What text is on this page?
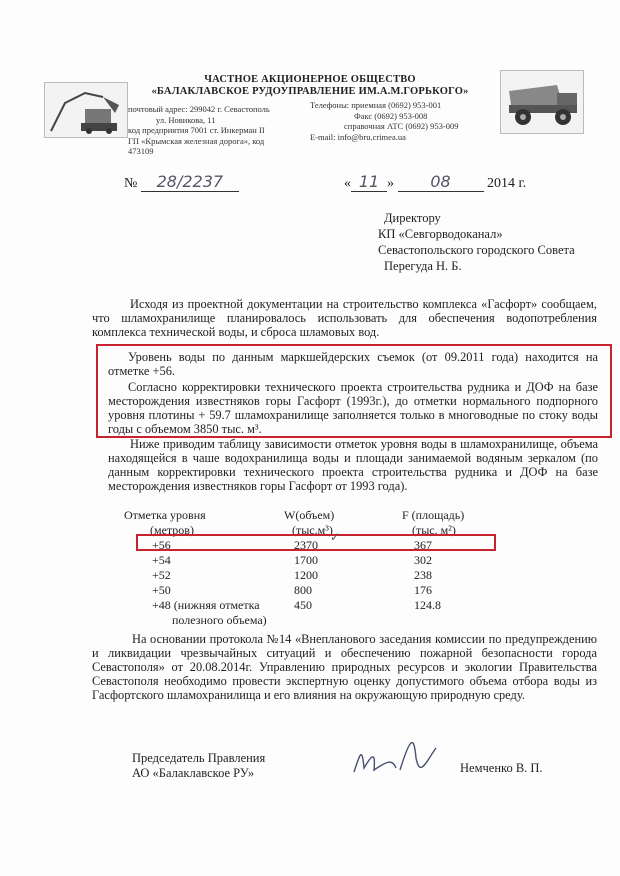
ЧАСТНОЕ АКЦИОНЕРНОЕ ОБЩЕСТВО
«БАЛАКЛАВСКОЕ РУДОУПРАВЛЕНИЕ ИМ.А.М.ГОРЬКОГО»
почтовый адрес: 299042 г. Севастополь
ул. Новикова, 11
код предприятия 7001 ст. Инкерман II
ГП «Крымская железная дорога», код
473109
Телефоны: приемная (0692) 953-001
Факс (0692) 953-008
справочная АТС (0692) 953-009
E-mail: info@bru.crimea.ua
№ 28/2237	« 11 » 08	2014 г.
Директору
КП «Севгорводоканал»
Севастопольского городского Совета
Перегуда Н. Б.
Исходя из проектной документации на строительство комплекса «Гасфорт» сообщаем, что шламохранилище планировалось использовать для обеспечения водопотребления комплекса технической воды, и сброса шламовых вод.
Уровень воды по данным маркшейдерских съемок (от 09.2011 года) находится на отметке +56.
Согласно корректировки технического проекта строительства рудника и ДОФ на базе месторождения известняков горы Гасфорт (1993г.), до отметки нормального подпорного уровня плотины + 59.7 шламохранилище заполняется только в многоводные по стоку воды годы с объемом 3850 тыс. м³.
Ниже приводим таблицу зависимости отметок уровня воды в шламохранилище, объема находящейся в чаше водохранилища воды и площади занимаемой водяным зеркалом (по данным корректировки технического проекта строительства рудника и ДОФ на базе месторождения известняков горы Гасфорт от 1993 года).
Отметка уровня	W(объем)	F (площадь)
(метров)	(тыс.м³)	(тыс. м²)
+56	2370	367
+54	1700	302
+52	1200	238
+50	800	176
+48 (нижняя отметка	450	124.8
полезного объема)		
✓
На основании протокола №14 «Внепланового заседания комиссии по предупреждению и ликвидации чрезвычайных ситуаций и обеспечению пожарной безопасности города Севастополя» от 20.08.2014г. Управлению природных ресурсов и экологии Правительства Севастополя необходимо провести экспертную оценку допустимого объема отбора воды из Гасфортского шламохранилища и его влияния на окружающую природную среду.
Председатель Правления
АО «Балаклавское РУ»	Немченко В. П.
